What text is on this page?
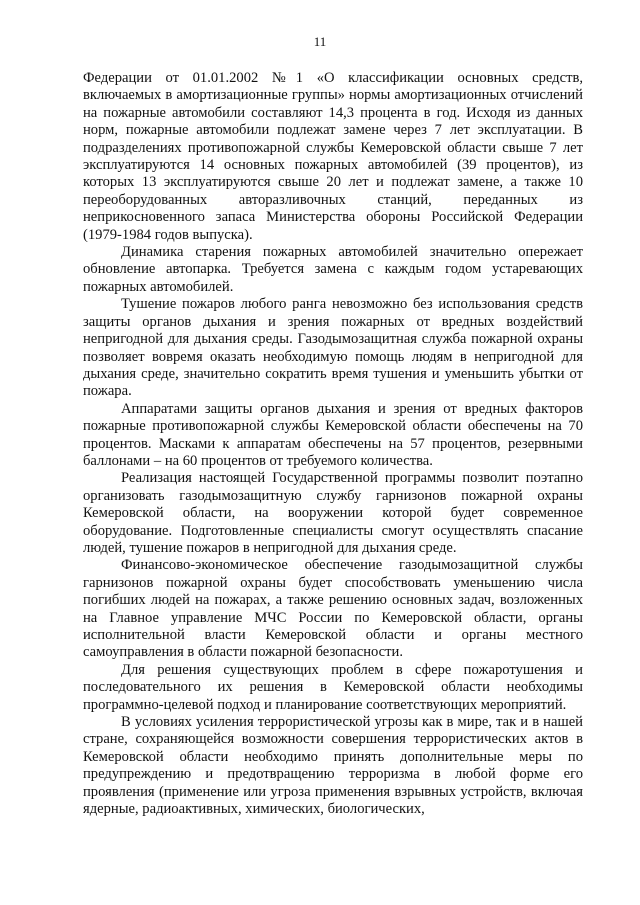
11

Федерации от 01.01.2002 №1 «О классификации основных средств, включаемых в амортизационные группы» нормы амортизационных отчислений на пожарные автомобили составляют 14,3 процента в год. Исходя из данных норм, пожарные автомобили подлежат замене через 7 лет эксплуатации. В подразделениях противопожарной службы Кемеровской области свыше 7 лет эксплуатируются 14 основных пожарных автомобилей (39 процентов), из которых 13 эксплуатируются свыше 20 лет и подлежат замене, а также 10 переоборудованных авторазливочных станций, переданных из неприкосновенного запаса Министерства обороны Российской Федерации (1979-1984 годов выпуска).

Динамика старения пожарных автомобилей значительно опережает обновление автопарка. Требуется замена с каждым годом устаревающих пожарных автомобилей.

Тушение пожаров любого ранга невозможно без использования средств защиты органов дыхания и зрения пожарных от вредных воздействий непригодной для дыхания среды. Газодымозащитная служба пожарной охраны позволяет вовремя оказать необходимую помощь людям в непригодной для дыхания среде, значительно сократить время тушения и уменьшить убытки от пожара.

Аппаратами защиты органов дыхания и зрения от вредных факторов пожарные противопожарной службы Кемеровской области обеспечены на 70 процентов. Масками к аппаратам обеспечены на 57 процентов, резервными баллонами – на 60 процентов от требуемого количества.

Реализация настоящей Государственной программы позволит поэтапно организовать газодымозащитную службу гарнизонов пожарной охраны Кемеровской области, на вооружении которой будет современное оборудование. Подготовленные специалисты смогут осуществлять спасание людей, тушение пожаров в непригодной для дыхания среде.

Финансово-экономическое обеспечение газодымозащитной службы гарнизонов пожарной охраны будет способствовать уменьшению числа погибших людей на пожарах, а также решению основных задач, возложенных на Главное управление МЧС России по Кемеровской области, органы исполнительной власти Кемеровской области и органы местного самоуправления в области пожарной безопасности.

Для решения существующих проблем в сфере пожаротушения и последовательного их решения в Кемеровской области необходимы программно-целевой подход и планирование соответствующих мероприятий.

В условиях усиления террористической угрозы как в мире, так и в нашей стране, сохраняющейся возможности совершения террористических актов в Кемеровской области необходимо принять дополнительные меры по предупреждению и предотвращению терроризма в любой форме его проявления (применение или угроза применения взрывных устройств, включая ядерные, радиоактивных, химических, биологических,
